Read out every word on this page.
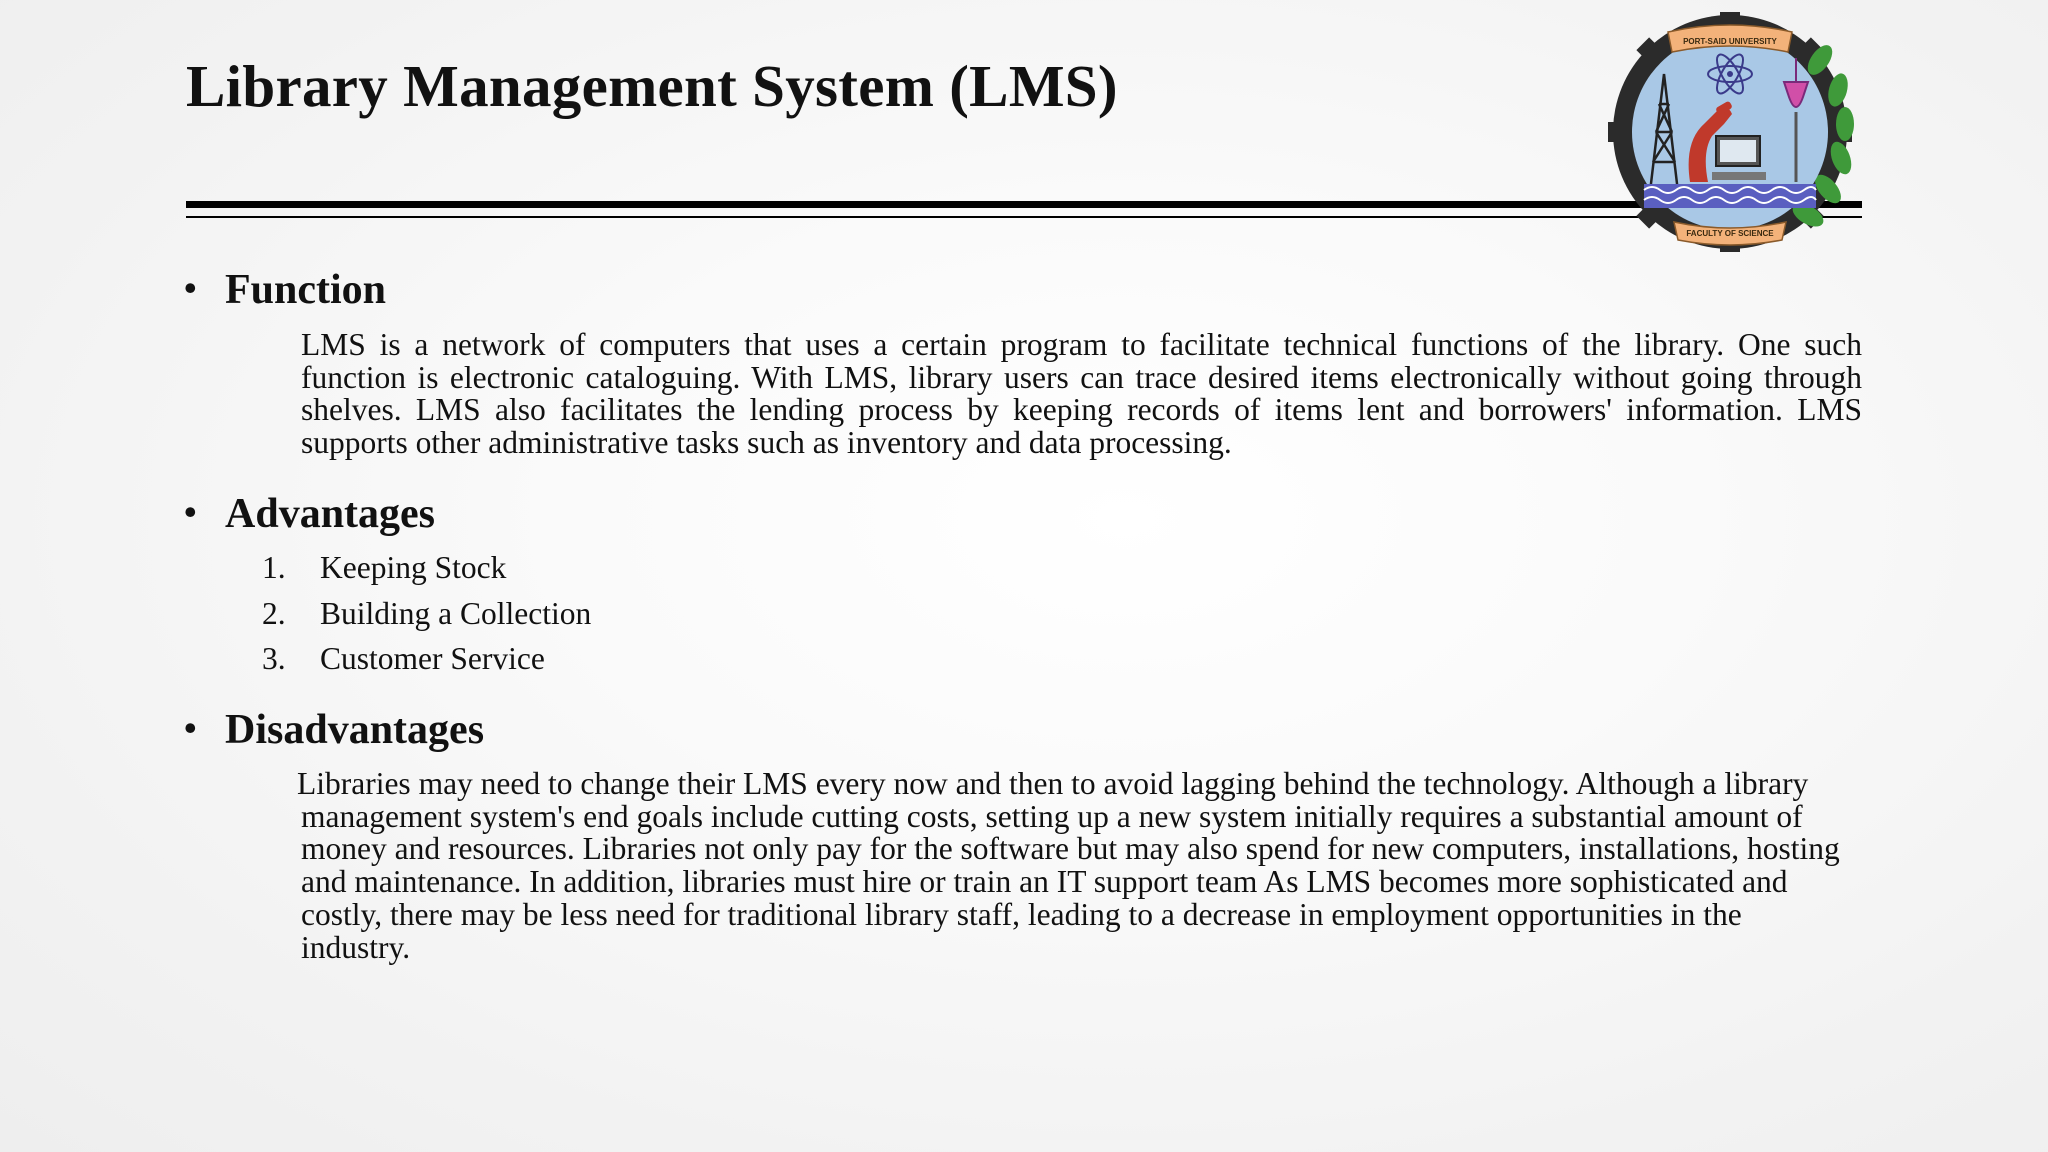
Library Management System (LMS)
PORT-SAID UNIVERSITY
FACULTY OF SCIENCE
• Function

LMS is a network of computers that uses a certain program to facilitate technical functions of the library. One such function is electronic cataloguing. With LMS, library users can trace desired items electronically without going through shelves. LMS also facilitates the lending process by keeping records of items lent and borrowers' information. LMS supports other administrative tasks such as inventory and data processing.

• Advantages
1. Keeping Stock
2. Building a Collection
3. Customer Service
• Disadvantages

Libraries may need to change their LMS every now and then to avoid lagging behind the technology. Although a library management system's end goals include cutting costs, setting up a new system initially requires a substantial amount of money and resources. Libraries not only pay for the software but may also spend for new computers, installations, hosting and maintenance. In addition, libraries must hire or train an IT support team As LMS becomes more sophisticated and costly, there may be less need for traditional library staff, leading to a decrease in employment opportunities in the industry.
